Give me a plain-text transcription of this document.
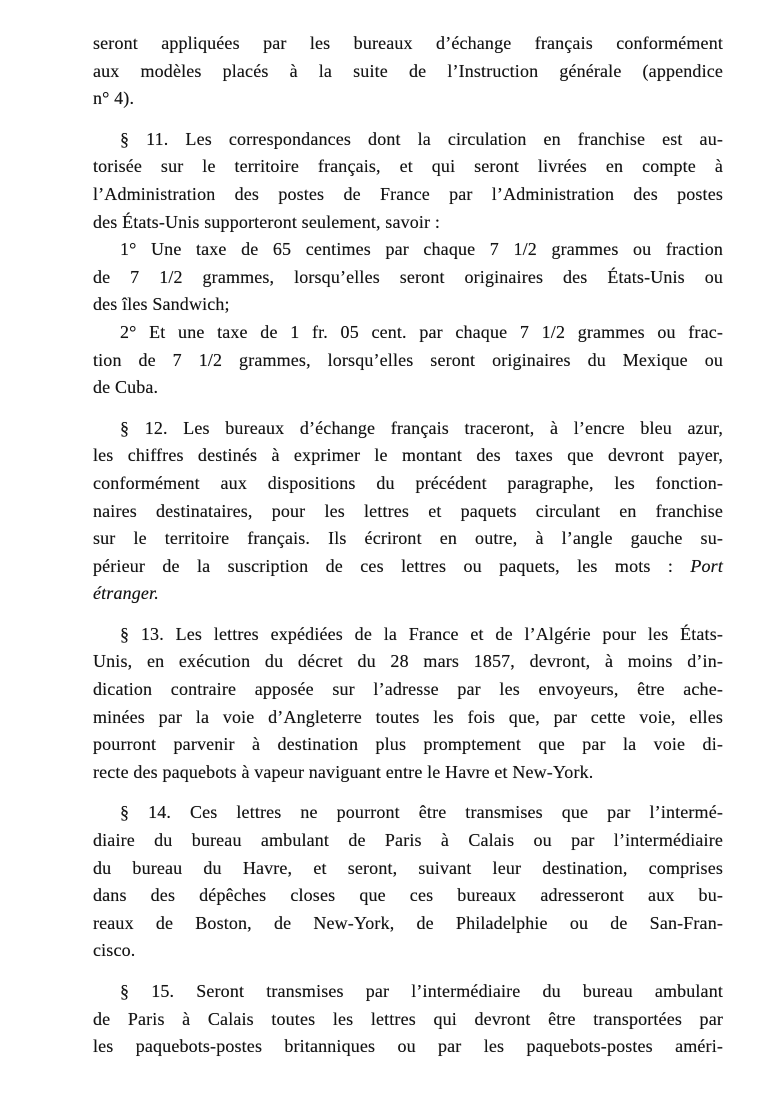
seront appliquées par les bureaux d’échange français conformément
aux modèles placés à la suite de l’Instruction générale (appendice
n° 4).
§ 11. Les correspondances dont la circulation en franchise est au-
torisée sur le territoire français, et qui seront livrées en compte à
l’Administration des postes de France par l’Administration des postes
des États-Unis supporteront seulement, savoir :
1° Une taxe de 65 centimes par chaque 7 1/2 grammes ou fraction
de 7 1/2 grammes, lorsqu’elles seront originaires des États-Unis ou
des îles Sandwich;
2° Et une taxe de 1 fr. 05 cent. par chaque 7 1/2 grammes ou frac-
tion de 7 1/2 grammes, lorsqu’elles seront originaires du Mexique ou
de Cuba.
§ 12. Les bureaux d’échange français traceront, à l’encre bleu azur,
les chiffres destinés à exprimer le montant des taxes que devront payer,
conformément aux dispositions du précédent paragraphe, les fonction-
naires destinataires, pour les lettres et paquets circulant en franchise
sur le territoire français. Ils écriront en outre, à l’angle gauche su-
périeur de la suscription de ces lettres ou paquets, les mots : Port
étranger.
§ 13. Les lettres expédiées de la France et de l’Algérie pour les États-
Unis, en exécution du décret du 28 mars 1857, devront, à moins d’in-
dication contraire apposée sur l’adresse par les envoyeurs, être ache-
minées par la voie d’Angleterre toutes les fois que, par cette voie, elles
pourront parvenir à destination plus promptement que par la voie di-
recte des paquebots à vapeur naviguant entre le Havre et New-York.
§ 14. Ces lettres ne pourront être transmises que par l’intermé-
diaire du bureau ambulant de Paris à Calais ou par l’intermédiaire
du bureau du Havre, et seront, suivant leur destination, comprises
dans des dépêches closes que ces bureaux adresseront aux bu-
reaux de Boston, de New-York, de Philadelphie ou de San-Fran-
cisco.
§ 15. Seront transmises par l’intermédiaire du bureau ambulant
de Paris à Calais toutes les lettres qui devront être transportées par
les paquebots-postes britanniques ou par les paquebots-postes améri-
